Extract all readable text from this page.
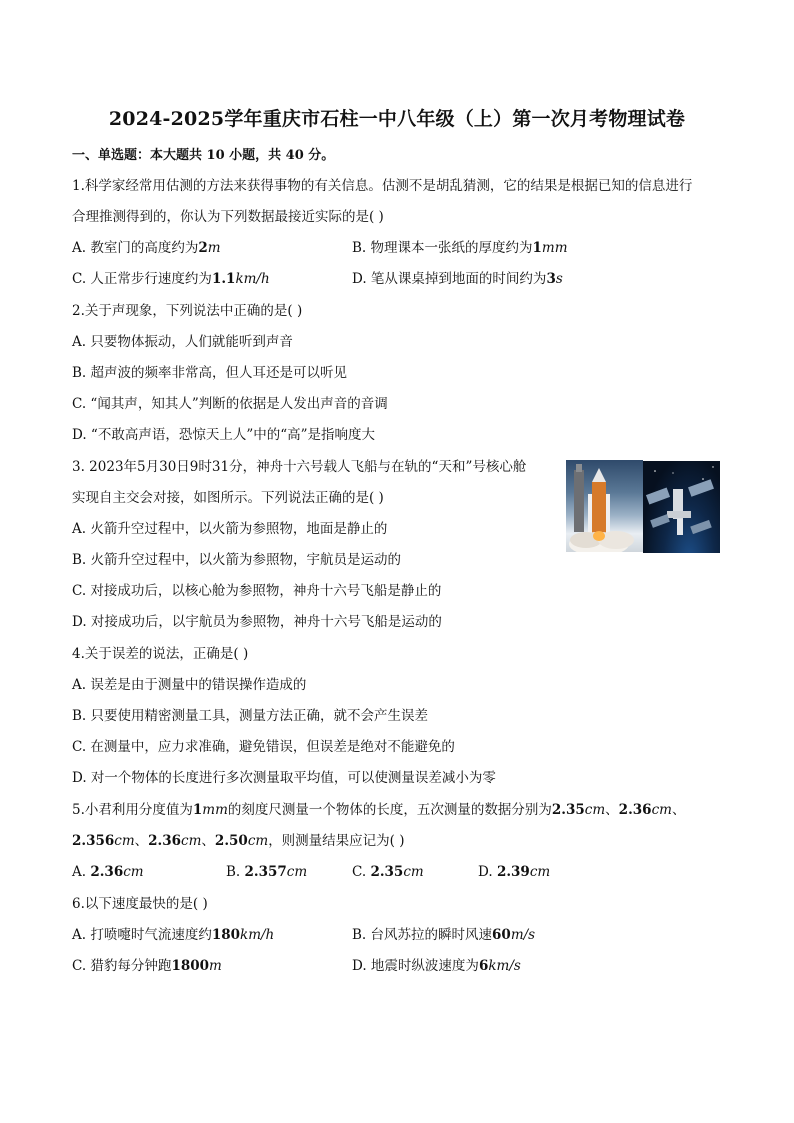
2024-2025学年重庆市石柱一中八年级（上）第一次月考物理试卷
一、单选题：本大题共 10 小题，共 40 分。
1.科学家经常用估测的方法来获得事物的有关信息。估测不是胡乱猜测，它的结果是根据已知的信息进行
合理推测得到的，你认为下列数据最接近实际的是( )
A. 教室门的高度约为2m	B. 物理课本一张纸的厚度约为1mm
C. 人正常步行速度约为1.1km/h	D. 笔从课桌掉到地面的时间约为3s
2.关于声现象，下列说法中正确的是( )
A. 只要物体振动，人们就能听到声音
B. 超声波的频率非常高，但人耳还是可以听见
C. “闻其声，知其人”判断的依据是人发出声音的音调
D. “不敢高声语，恐惊天上人”中的“高”是指响度大
3. 2023年5月30日9时31分，神舟十六号载人飞船与在轨的“天和”号核心舱
实现自主交会对接，如图所示。下列说法正确的是( )
A. 火箭升空过程中，以火箭为参照物，地面是静止的
B. 火箭升空过程中，以火箭为参照物，宇航员是运动的
C. 对接成功后，以核心舱为参照物，神舟十六号飞船是静止的
D. 对接成功后，以宇航员为参照物，神舟十六号飞船是运动的
4.关于误差的说法，正确是( )
A. 误差是由于测量中的错误操作造成的
B. 只要使用精密测量工具，测量方法正确，就不会产生误差
C. 在测量中，应力求准确，避免错误，但误差是绝对不能避免的
D. 对一个物体的长度进行多次测量取平均值，可以使测量误差减小为零
5.小君利用分度值为1mm的刻度尺测量一个物体的长度，五次测量的数据分别为2.35cm、2.36cm、
2.356cm、2.36cm、2.50cm，则测量结果应记为( )
A. 2.36cm	B. 2.357cm	C. 2.35cm	D. 2.39cm
6.以下速度最快的是( )
A. 打喷嚏时气流速度约180km/h	B. 台风苏拉的瞬时风速60m/s
C. 猎豹每分钟跑1800m	D. 地震时纵波速度为6km/s
